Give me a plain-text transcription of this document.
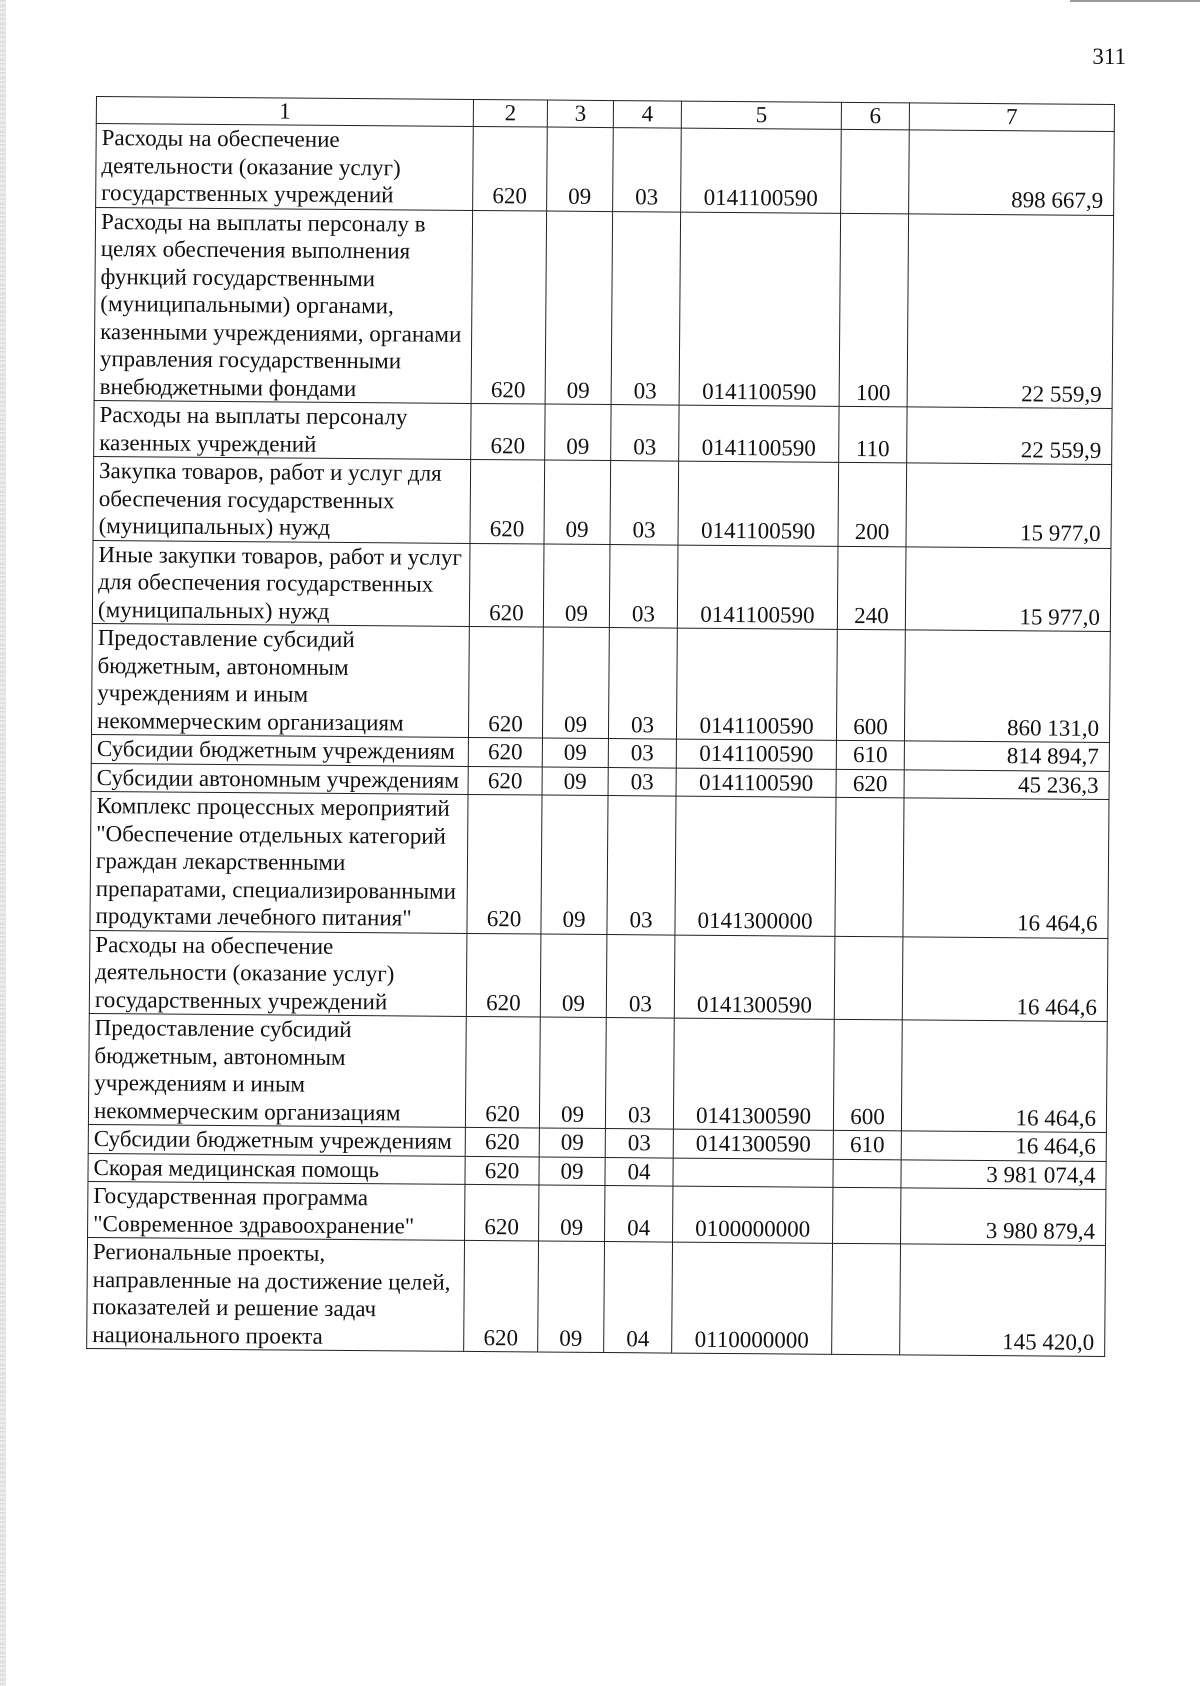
311
1	2	3	4	5	6	7
Расходы на обеспечение деятельности (оказание услуг) государственных учреждений	620	09	03	0141100590		898 667,9
Расходы на выплаты персоналу в целях обеспечения выполнения функций государственными (муниципальными) органами, казенными учреждениями, органами управления государственными внебюджетными фондами	620	09	03	0141100590	100	22 559,9
Расходы на выплаты персоналу казенных учреждений	620	09	03	0141100590	110	22 559,9
Закупка товаров, работ и услуг для обеспечения государственных (муниципальных) нужд	620	09	03	0141100590	200	15 977,0
Иные закупки товаров, работ и услуг для обеспечения государственных (муниципальных) нужд	620	09	03	0141100590	240	15 977,0
Предоставление субсидий бюджетным, автономным учреждениям и иным некоммерческим организациям	620	09	03	0141100590	600	860 131,0
Субсидии бюджетным учреждениям	620	09	03	0141100590	610	814 894,7
Субсидии автономным учреждениям	620	09	03	0141100590	620	45 236,3
Комплекс процессных мероприятий "Обеспечение отдельных категорий граждан лекарственными препаратами, специализированными продуктами лечебного питания"	620	09	03	0141300000		16 464,6
Расходы на обеспечение деятельности (оказание услуг) государственных учреждений	620	09	03	0141300590		16 464,6
Предоставление субсидий бюджетным, автономным учреждениям и иным некоммерческим организациям	620	09	03	0141300590	600	16 464,6
Субсидии бюджетным учреждениям	620	09	03	0141300590	610	16 464,6
Скорая медицинская помощь	620	09	04			3 981 074,4
Государственная программа "Современное здравоохранение"	620	09	04	0100000000		3 980 879,4
Региональные проекты, направленные на достижение целей, показателей и решение задач национального проекта	620	09	04	0110000000		145 420,0
